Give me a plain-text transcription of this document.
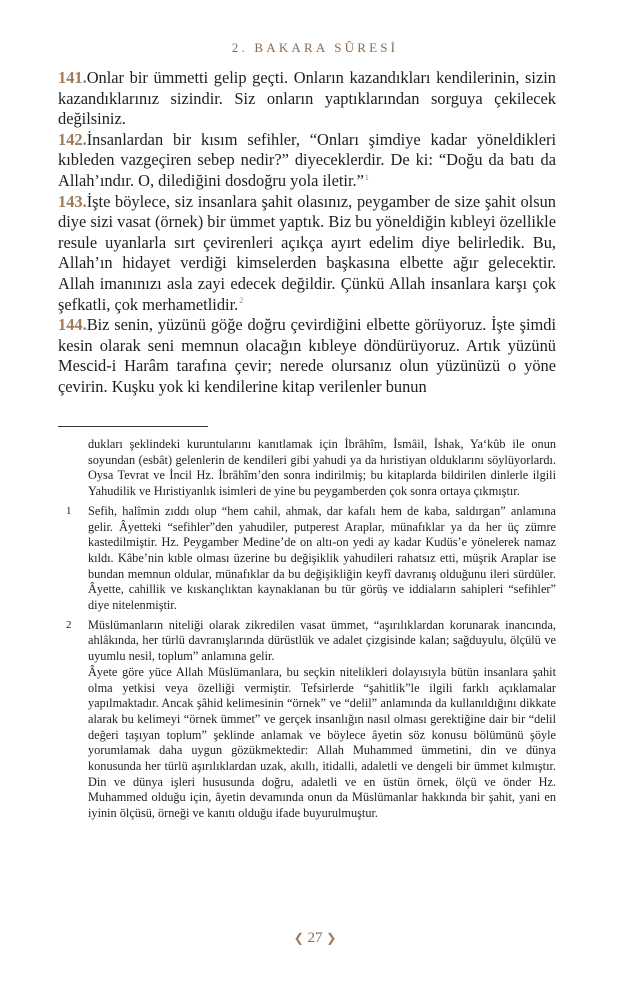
2. BAKARA SÛRESİ

141.Onlar bir ümmetti gelip geçti. Onların kazandıkları kendilerinin, sizin kazandıklarınız sizindir. Siz onların yaptıklarından sorguya çekilecek değilsiniz.

142.İnsanlardan bir kısım sefihler, “Onları şimdiye kadar yöneldikleri kıbleden vazgeçiren sebep nedir?” diyeceklerdir. De ki: “Doğu da batı da Allah’ındır. O, dilediğini dosdoğru yola iletir.”$^1$

143.İşte böylece, siz insanlara şahit olasınız, peygamber de size şahit olsun diye sizi vasat (örnek) bir ümmet yaptık. Biz bu yöneldiğin kıbleyi özellikle resule uyanlarla sırt çevirenleri açıkça ayırt edelim diye belirledik. Bu, Allah’ın hidayet verdiği kimselerden başkasına elbette ağır gelecektir. Allah imanınızı asla zayi edecek değildir. Çünkü Allah insanlara karşı çok şefkatli, çok merhametlidir.$^2$

144.Biz senin, yüzünü göğe doğru çevirdiğini elbette görüyoruz. İşte şimdi kesin olarak seni memnun olacağın kıbleye döndürüyoruz. Artık yüzünü Mescid-i Harâm tarafına çevir; nerede olursanız olun yüzünüzü o yöne çevirin. Kuşku yok ki kendilerine kitap verilenler bunun

dukları şeklindeki kuruntularını kanıtlamak için İbrâhîm, İsmâil, İshak, Ya‘kûb ile onun soyundan (esbât) gelenlerin de kendileri gibi yahudi ya da hıristiyan olduklarını söylüyorlardı. Oysa Tevrat ve İncil Hz. İbrâhîm’den sonra indirilmiş; bu kitaplarda bildirilen dinlerle ilgili Yahudilik ve Hıristiyanlık isimleri de yine bu peygamberden çok sonra ortaya çıkmıştır.

1 Sefih, halîmin zıddı olup “hem cahil, ahmak, dar kafalı hem de kaba, saldırgan” anlamına gelir. Âyetteki “sefihler”den yahudiler, putperest Araplar, münafıklar ya da her üç zümre kastedilmiştir. Hz. Peygamber Medine’de on altı-on yedi ay kadar Kudüs’e yönelerek namaz kıldı. Kâbe’nin kıble olması üzerine bu değişiklik yahudileri rahatsız etti, müşrik Araplar ise bundan memnun oldular, münafıklar da bu değişikliğin keyfî davranış olduğunu ileri sürdüler. Âyette, cahillik ve kıskançlıktan kaynaklanan bu tür görüş ve iddiaların sahipleri “sefihler” diye nitelenmiştir.

2 Müslümanların niteliği olarak zikredilen vasat ümmet, “aşırılıklardan korunarak inancında, ahlâkında, her türlü davranışlarında dürüstlük ve adalet çizgisinde kalan; sağduyulu, ölçülü ve uyumlu nesil, toplum” anlamına gelir.

Âyete göre yüce Allah Müslümanlara, bu seçkin nitelikleri dolayısıyla bütün insanlara şahit olma yetkisi veya özelliği vermiştir. Tefsirlerde “şahitlik”le ilgili farklı açıklamalar yapılmaktadır. Ancak şâhid kelimesinin “örnek” ve “delil” anlamında da kullanıldığını dikkate alarak bu kelimeyi “örnek ümmet” ve gerçek insanlığın nasıl olması gerektiğine dair bir “delil değeri taşıyan toplum” şeklinde anlamak ve böylece âyetin söz konusu bölümünü şöyle yorumlamak daha uygun gözükmektedir: Allah Muhammed ümmetini, din ve dünya konusunda her türlü aşırılıklardan uzak, akıllı, itidalli, adaletli ve dengeli bir ümmet kılmıştır. Din ve dünya işleri hususunda doğru, adaletli ve en üstün örnek, ölçü ve önder Hz. Muhammed olduğu için, âyetin devamında onun da Müslümanlar hakkında bir şahit, yani en iyinin ölçüsü, örneği ve kanıtı olduğu ifade buyurulmuştur.

❮ 27 ❯
